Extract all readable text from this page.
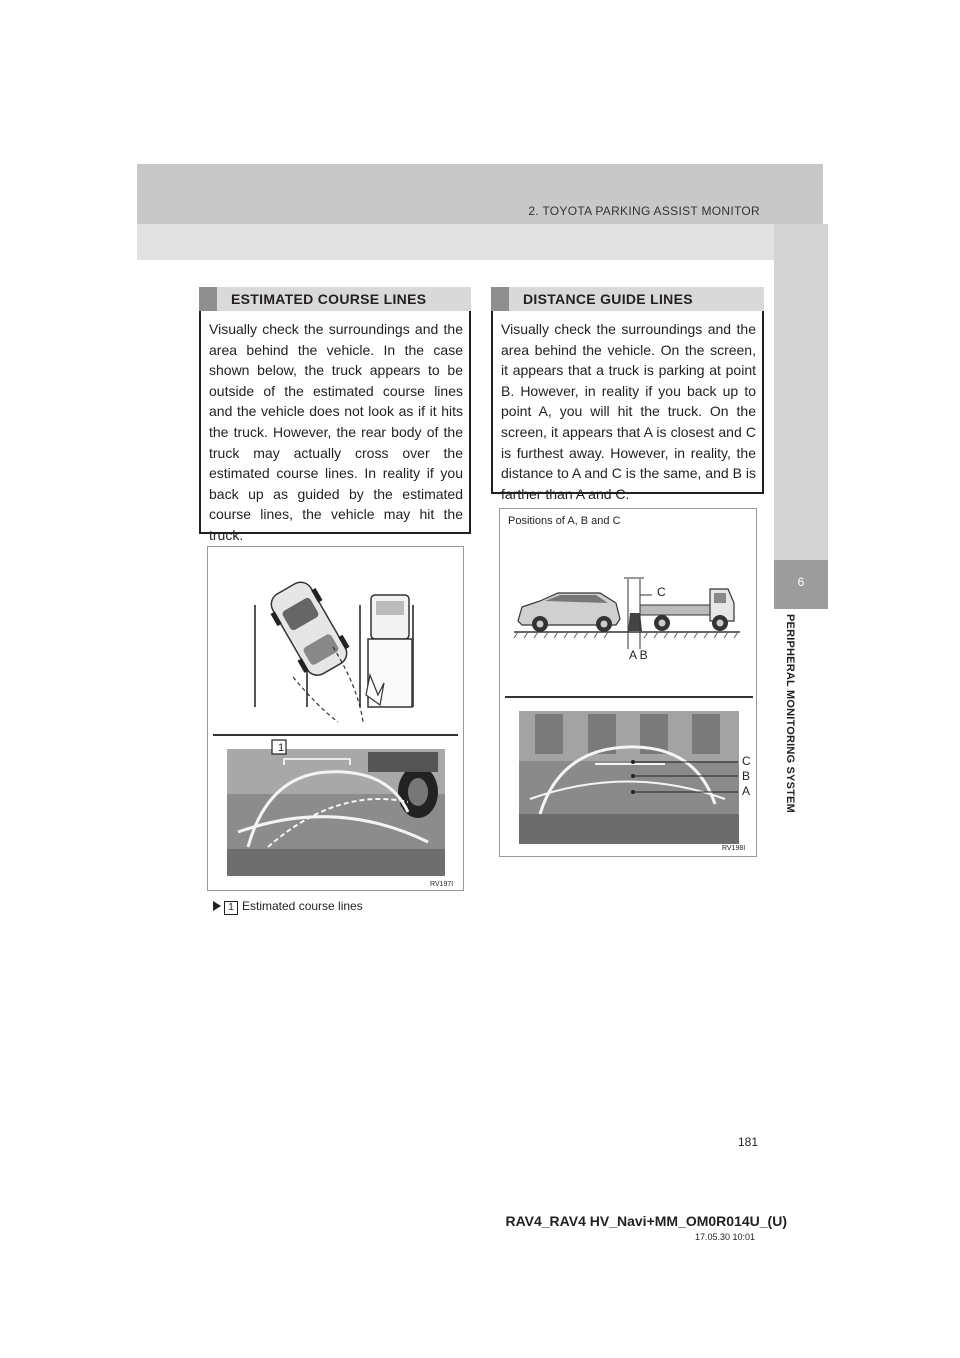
2. TOYOTA PARKING ASSIST MONITOR
6
PERIPHERAL MONITORING SYSTEM
ESTIMATED COURSE LINES
Visually check the surroundings and the area behind the vehicle. In the case shown below, the truck appears to be outside of the estimated course lines and the vehicle does not look as if it hits the truck. However, the rear body of the truck may actually cross over the estimated course lines. In reality if you back up as guided by the estimated course lines, the vehicle may hit the truck.
1
RV197I
1 Estimated course lines
DISTANCE GUIDE LINES
Visually check the surroundings and the area behind the vehicle. On the screen, it appears that a truck is parking at point B. However, in reality if you back up to point A, you will hit the truck. On the screen, it appears that A is closest and C is furthest away. However, in reality, the distance to A and C is the same, and B is farther than A and C.
Positions of A, B and C
C
A B
C
B
A
RV198I
181
RAV4_RAV4 HV_Navi+MM_OM0R014U_(U)
17.05.30 10:01
